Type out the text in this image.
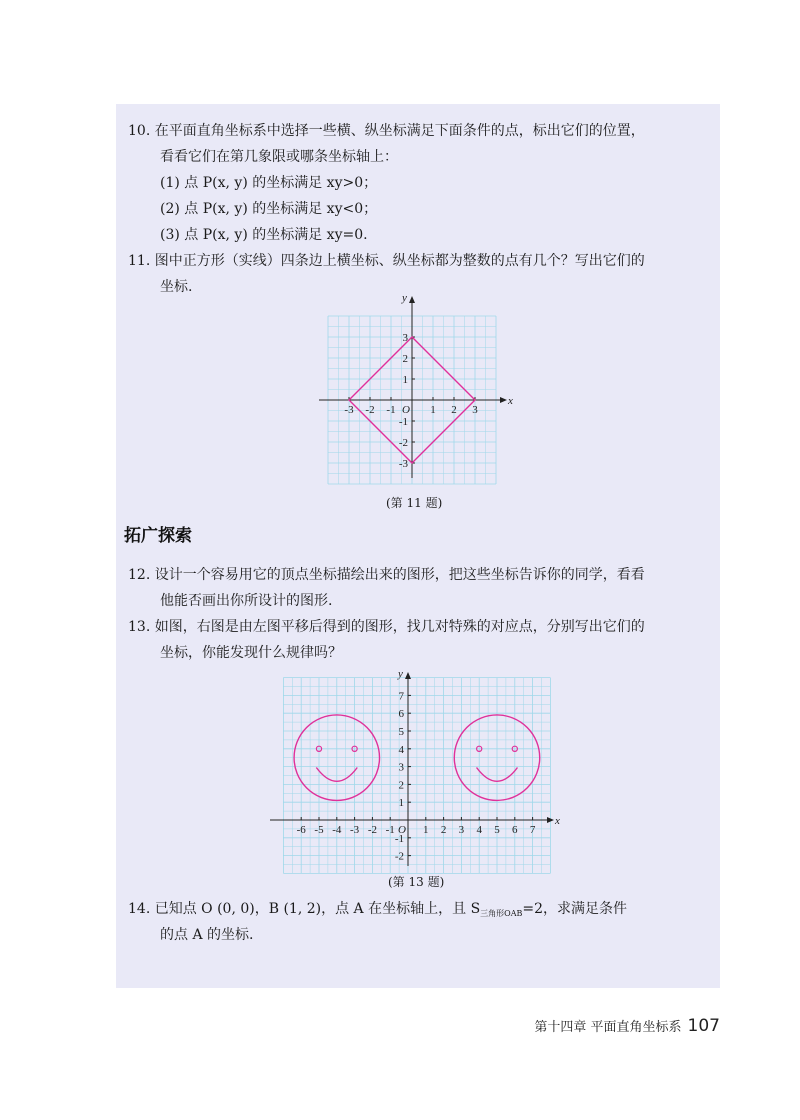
10. 在平面直角坐标系中选择一些横、纵坐标满足下面条件的点，标出它们的位置，
看看它们在第几象限或哪条坐标轴上：
(1) 点 P(x, y) 的坐标满足 xy>0；
(2) 点 P(x, y) 的坐标满足 xy<0；
(3) 点 P(x, y) 的坐标满足 xy=0.
11. 图中正方形（实线）四条边上横坐标、纵坐标都为整数的点有几个？写出它们的
坐标.
x
y
O
-3 -2 -1	1 2 3
3
2
1
-1
-2
-3
(第 11 题)
拓广探索
12. 设计一个容易用它的顶点坐标描绘出来的图形，把这些坐标告诉你的同学，看看
他能否画出你所设计的图形.
13. 如图，右图是由左图平移后得到的图形，找几对特殊的对应点，分别写出它们的
坐标，你能发现什么规律吗？
x
y
O
-6 -5 -4 -3 -2 -1	1 2 3 4 5 6 7
7
6
5
4
3
2
1
-1
-2
(第 13 题)
14. 已知点 O (0, 0)，B (1, 2)，点 A 在坐标轴上，且 $S_{三角形OAB}=2$，求满足条件
的点 A 的坐标.
第十四章 平面直角坐标系 107
